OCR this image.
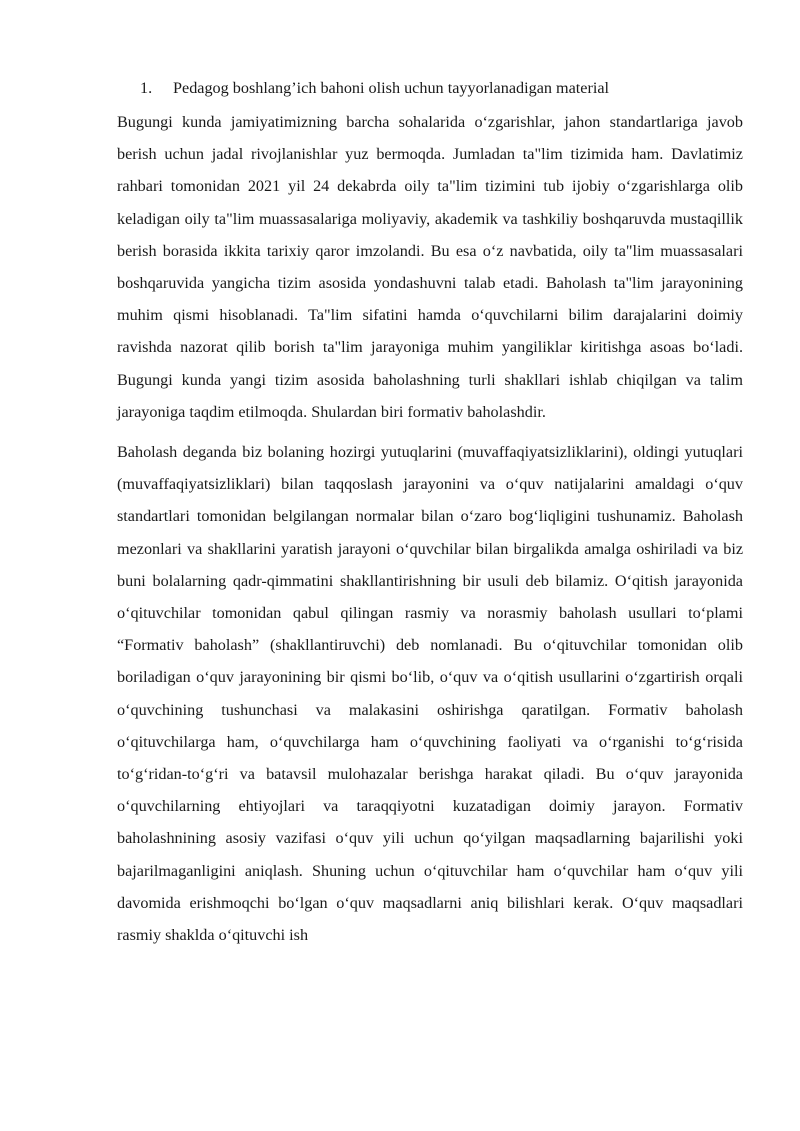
1.	Pedagog boshlang’ich bahoni olish uchun tayyorlanadigan material

Bugungi kunda jamiyatimizning barcha sohalarida o‘zgarishlar, jahon standartlariga javob berish uchun jadal rivojlanishlar yuz bermoqda. Jumladan ta"lim tizimida ham. Davlatimiz rahbari tomonidan 2021 yil 24 dekabrda oily ta"lim tizimini tub ijobiy o‘zgarishlarga olib keladigan oily ta"lim muassasalariga moliyaviy, akademik va tashkiliy boshqaruvda mustaqillik berish borasida ikkita tarixiy qaror imzolandi. Bu esa o‘z navbatida, oily ta"lim muassasalari boshqaruvida yangicha tizim asosida yondashuvni talab etadi. Baholash ta"lim jarayonining muhim qismi hisoblanadi. Ta"lim sifatini hamda o‘quvchilarni bilim darajalarini doimiy ravishda nazorat qilib borish ta"lim jarayoniga muhim yangiliklar kiritishga asoas bo‘ladi. Bugungi kunda yangi tizim asosida baholashning turli shakllari ishlab chiqilgan va talim jarayoniga taqdim etilmoqda. Shulardan biri formativ baholashdir.

Baholash deganda biz bolaning hozirgi yutuqlarini (muvaffaqiyatsizliklarini), oldingi yutuqlari (muvaffaqiyatsizliklari) bilan taqqoslash jarayonini va o‘quv natijalarini amaldagi o‘quv standartlari tomonidan belgilangan normalar bilan o‘zaro bog‘liqligini tushunamiz. Baholash mezonlari va shakllarini yaratish jarayoni o‘quvchilar bilan birgalikda amalga oshiriladi va biz buni bolalarning qadr-qimmatini shakllantirishning bir usuli deb bilamiz. O‘qitish jarayonida o‘qituvchilar tomonidan qabul qilingan rasmiy va norasmiy baholash usullari to‘plami “Formativ baholash” (shakllantiruvchi) deb nomlanadi. Bu o‘qituvchilar tomonidan olib boriladigan o‘quv jarayonining bir qismi bo‘lib, o‘quv va o‘qitish usullarini o‘zgartirish orqali o‘quvchining tushunchasi va malakasini oshirishga qaratilgan. Formativ baholash o‘qituvchilarga ham, o‘quvchilarga ham o‘quvchining faoliyati va o‘rganishi to‘g‘risida to‘g‘ridan-to‘g‘ri va batavsil mulohazalar berishga harakat qiladi. Bu o‘quv jarayonida o‘quvchilarning ehtiyojlari va taraqqiyotni kuzatadigan doimiy jarayon. Formativ baholashnining asosiy vazifasi o‘quv yili uchun qo‘yilgan maqsadlarning bajarilishi yoki bajarilmaganligini aniqlash. Shuning uchun o‘qituvchilar ham o‘quvchilar ham o‘quv yili davomida erishmoqchi bo‘lgan o‘quv maqsadlarni aniq bilishlari kerak. O‘quv maqsadlari rasmiy shaklda o‘qituvchi ish
